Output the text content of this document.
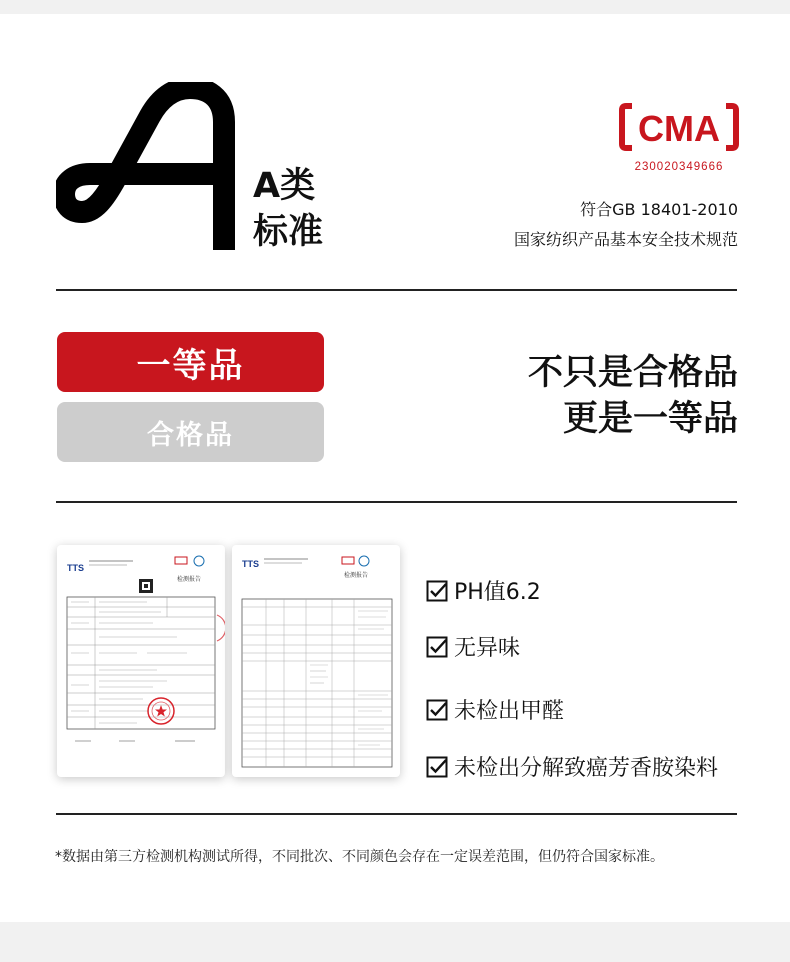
A类
标准
CMA
230020349666
符合GB 18401-2010
国家纺织产品基本安全技术规范
一等品
合格品
不只是合格品
更是一等品
TTS
检测报告
TTS
检测报告
PH值6.2
无异味
未检出甲醛
未检出分解致癌芳香胺染料
*数据由第三方检测机构测试所得，不同批次、不同颜色会存在一定误差范围，但仍符合国家标准。
